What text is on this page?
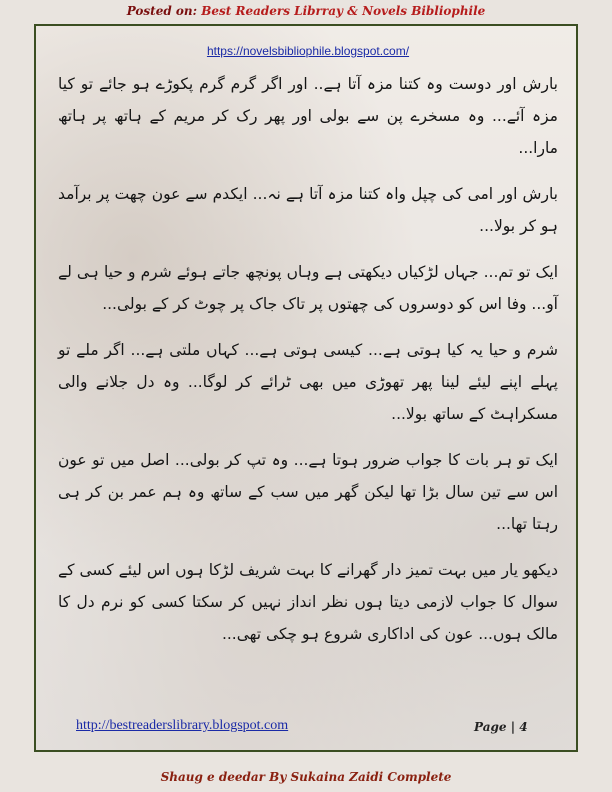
Posted on: Best Readers Librray & Novels Bibliophile
https://novelsbibliophile.blogspot.com/

بارش اور دوست وہ کتنا مزہ آتا ہے.. اور اگر گرم گرم پکوڑے ہو جائے تو کیا مزہ آئے... وہ مسخرے پن سے بولی اور پھر رک کر مریم کے ہاتھ پر ہاتھ مارا...

بارش اور امی کی چپل واہ کتنا مزہ آتا ہے نہ... ایکدم سے عون چھت پر برآمد ہو کر بولا...

ایک تو تم... جہاں لڑکیاں دیکھتی ہے وہاں پونچھ جاتے ہوئے شرم و حیا ہی لے آو... وفا اس کو دوسروں کی چھتوں پر تاک جاک پر چوٹ کر کے بولی...

شرم و حیا یہ کیا ہوتی ہے... کیسی ہوتی ہے... کہاں ملتی ہے... اگر ملے تو پہلے اپنے لیئے لینا پھر تھوڑی میں بھی ٹرائے کر لوگا... وہ دل جلانے والی مسکراہٹ کے ساتھ بولا...

ایک تو ہر بات کا جواب ضرور ہوتا ہے... وہ تپ کر بولی... اصل میں تو عون اس سے تین سال بڑا تھا لیکن گھر میں سب کے ساتھ وہ ہم عمر بن کر ہی رہتا تھا...

دیکھو یار میں بہت تمیز دار گھرانے کا بہت شریف لڑکا ہوں اس لیئے کسی کے سوال کا جواب لازمی دیتا ہوں نظر انداز نہیں کر سکتا کسی کو نرم دل کا مالک ہوں... عون کی اداکاری شروع ہو چکی تھی...

http://bestreaderslibrary.blogspot.com	Page | 4
Shaug e deedar By Sukaina Zaidi Complete
